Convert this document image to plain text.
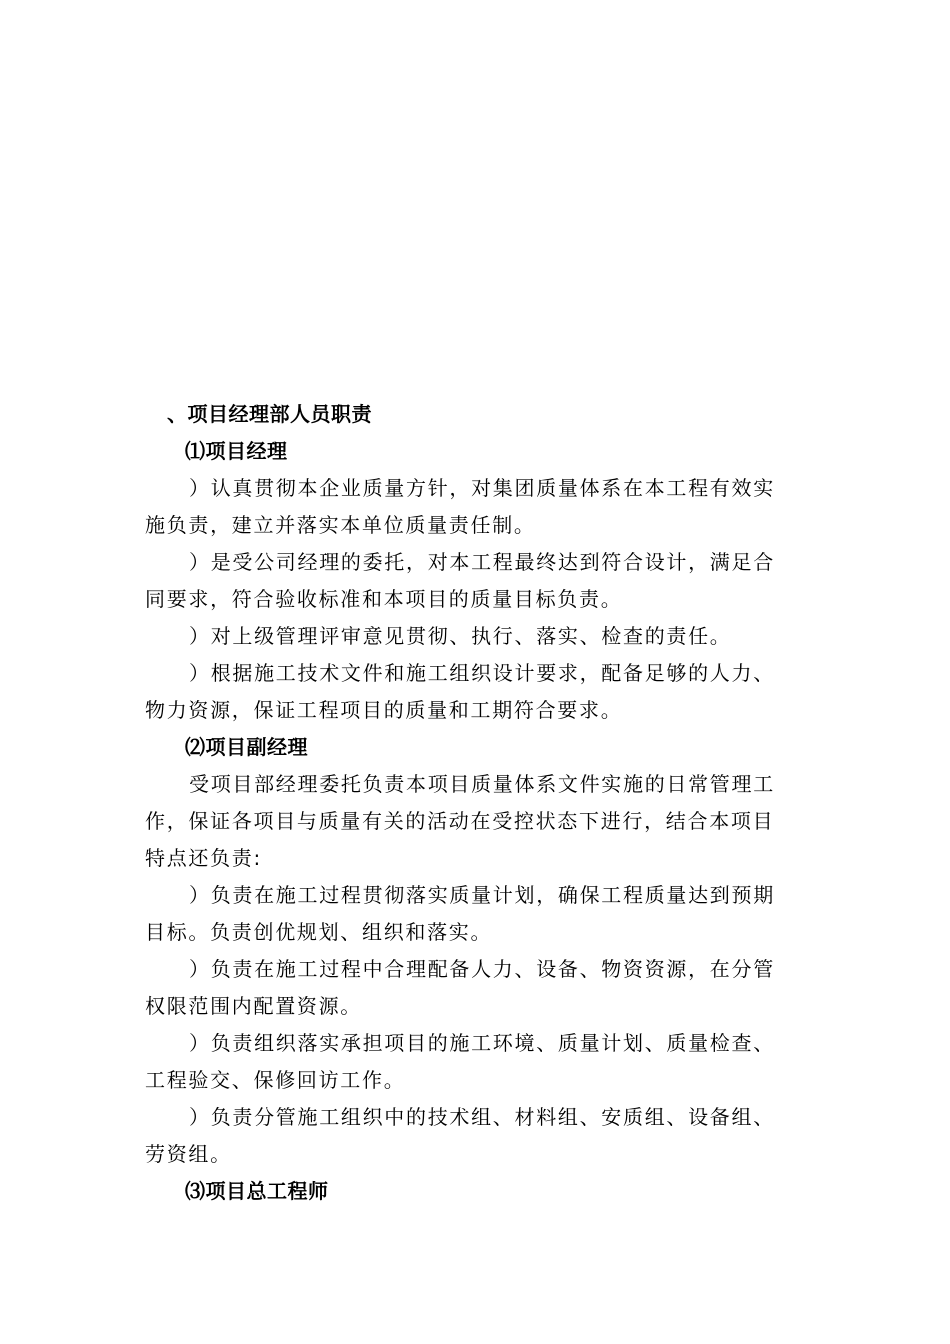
、项目经理部人员职责
⑴项目经理
）认真贯彻本企业质量方针，对集团质量体系在本工程有效实
施负责，建立并落实本单位质量责任制。
）是受公司经理的委托，对本工程最终达到符合设计，满足合
同要求，符合验收标准和本项目的质量目标负责。
）对上级管理评审意见贯彻、执行、落实、检查的责任。
）根据施工技术文件和施工组织设计要求，配备足够的人力、
物力资源，保证工程项目的质量和工期符合要求。
⑵项目副经理
受项目部经理委托负责本项目质量体系文件实施的日常管理工
作，保证各项目与质量有关的活动在受控状态下进行，结合本项目
特点还负责:
）负责在施工过程贯彻落实质量计划，确保工程质量达到预期
目标。负责创优规划、组织和落实。
）负责在施工过程中合理配备人力、设备、物资资源，在分管
权限范围内配置资源。
）负责组织落实承担项目的施工环境、质量计划、质量检查、
工程验交、保修回访工作。
）负责分管施工组织中的技术组、材料组、安质组、设备组、
劳资组。
⑶项目总工程师
